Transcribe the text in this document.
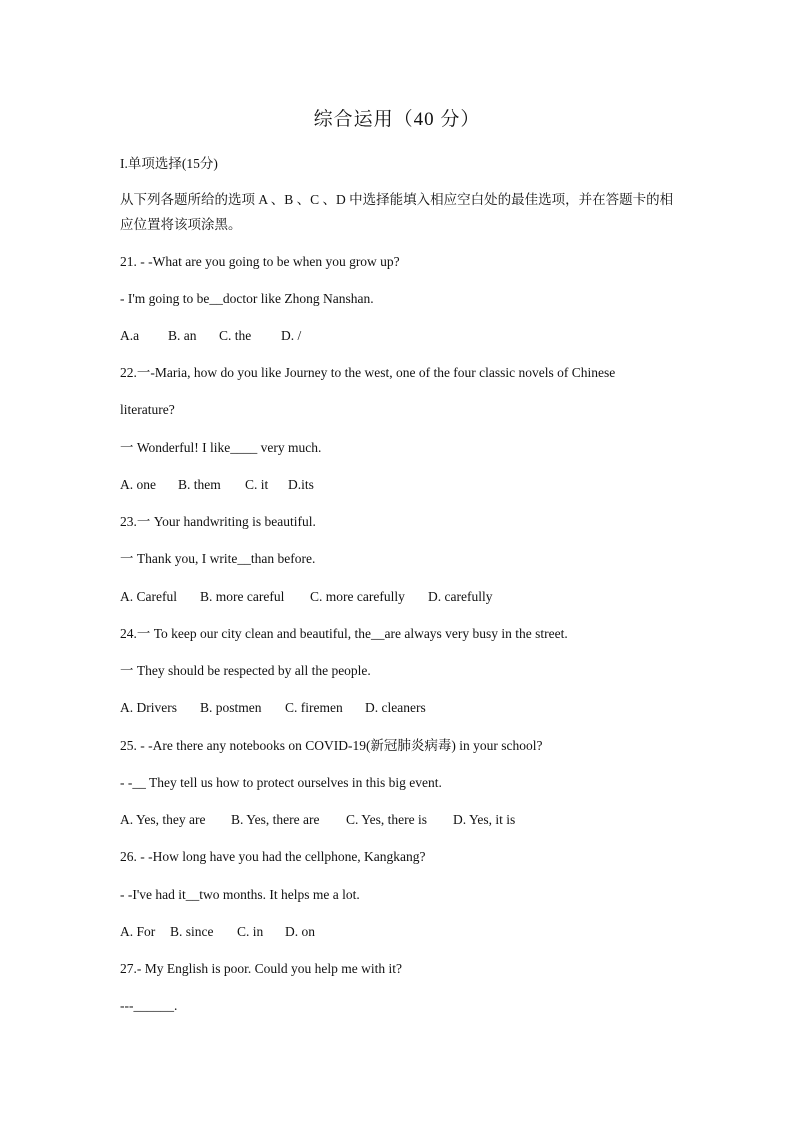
综合运用（40 分）
I.单项选择(15分)
从下列各题所给的选项 A 、B 、C 、D 中选择能填入相应空白处的最佳选项，并在答题卡的相应位置将该项涂黑。
21. - -What are you going to be when you grow up?
- I'm going to be__doctor like Zhong Nanshan.
A.a B. an C. the D. /
22.一-Maria, how do you like Journey to the west, one of the four classic novels of Chinese
literature?
一 Wonderful! I like____ very much.
A. one B. them C. it D.its
23.一 Your handwriting is beautiful.
一 Thank you, I write__than before.
A. Careful B. more careful C. more carefully D. carefully
24.一 To keep our city clean and beautiful, the__are always very busy in the street.
一 They should be respected by all the people.
A. Drivers B. postmen C. firemen D. cleaners
25. - -Are there any notebooks on COVID-19(新冠肺炎病毒) in your school?
- -__ They tell us how to protect ourselves in this big event.
A. Yes, they are B. Yes, there are C. Yes, there is D. Yes, it is
26. - -How long have you had the cellphone, Kangkang?
- -I've had it__two months. It helps me a lot.
A. For B. since C. in D. on
27.- My English is poor. Could you help me with it?
---______.
